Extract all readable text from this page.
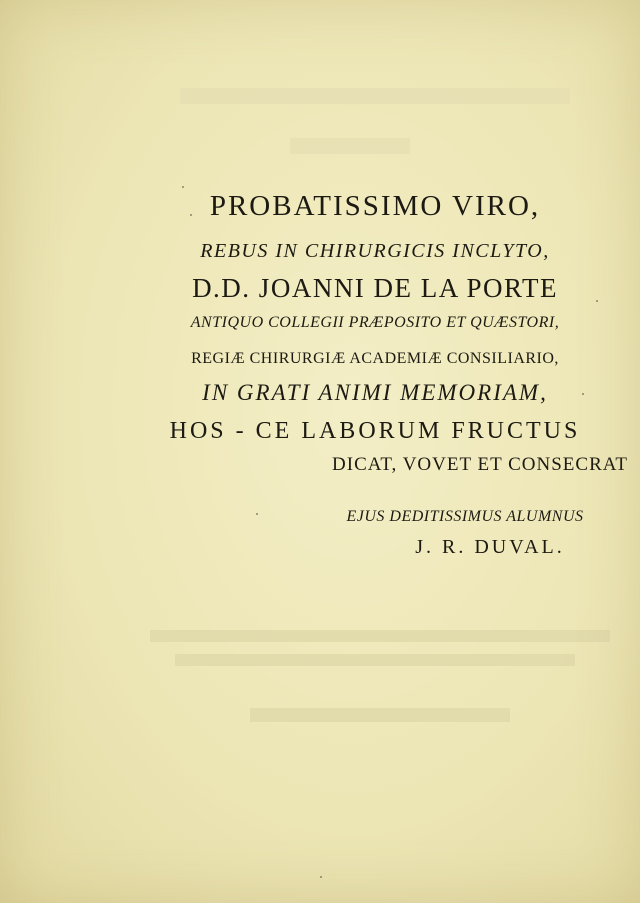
PROBATISSIMO VIRO,
REBUS IN CHIRURGICIS INCLYTO,
D.D. JOANNI DE LA PORTE
ANTIQUO COLLEGII PRÆPOSITO ET QUÆSTORI,
REGIÆ CHIRURGIÆ ACADEMIÆ CONSILIARIO,
IN GRATI ANIMI MEMORIAM,
HOS - CE LABORUM FRUCTUS
DICAT, VOVET ET CONSECRAT
EJUS DEDITISSIMUS ALUMNUS
J. R. DUVAL.
